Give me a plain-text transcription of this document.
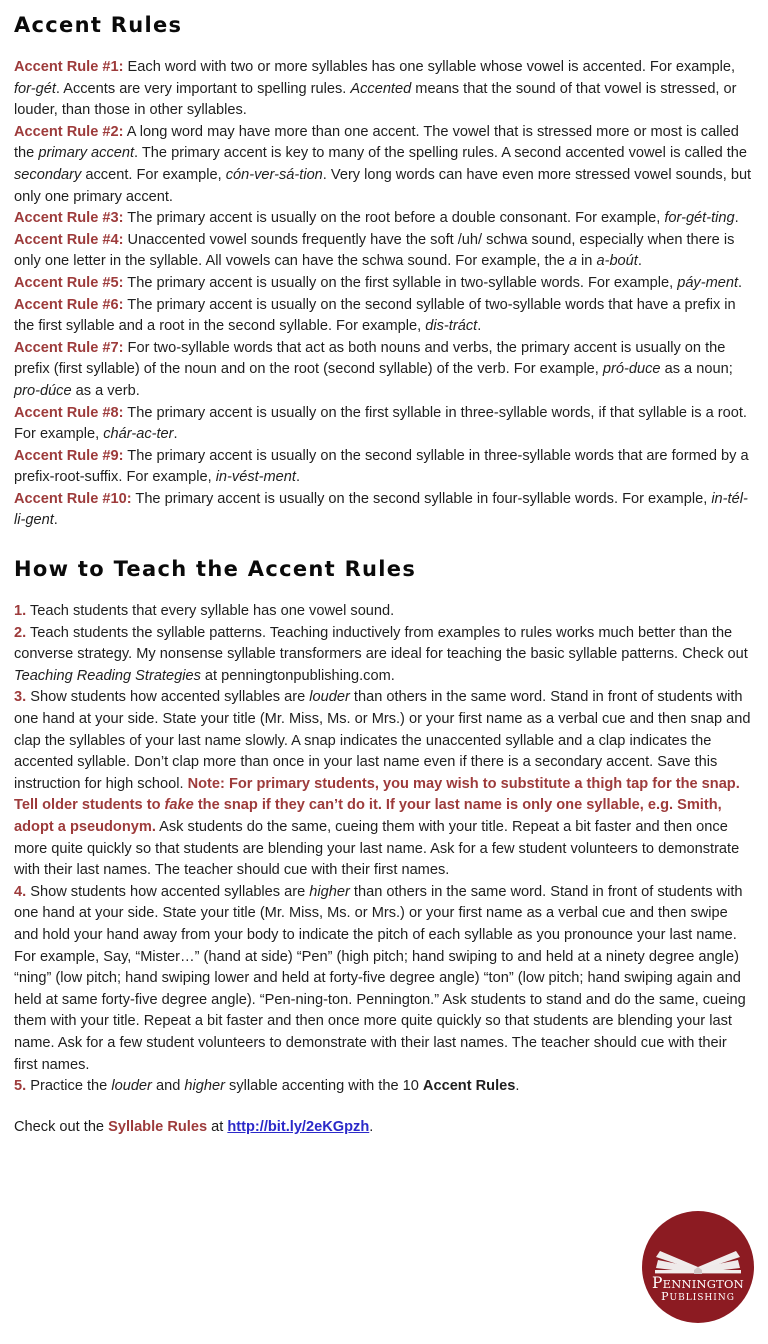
Accent Rules

Accent Rule #1: Each word with two or more syllables has one syllable whose vowel is accented. For example, for-gét. Accents are very important to spelling rules. Accented means that the sound of that vowel is stressed, or louder, than those in other syllables.

Accent Rule #2: A long word may have more than one accent. The vowel that is stressed more or most is called the primary accent. The primary accent is key to many of the spelling rules. A second accented vowel is called the secondary accent. For example, cón-ver-sá-tion. Very long words can have even more stressed vowel sounds, but only one primary accent.

Accent Rule #3: The primary accent is usually on the root before a double consonant. For example, for-gét-ting.

Accent Rule #4: Unaccented vowel sounds frequently have the soft /uh/ schwa sound, especially when there is only one letter in the syllable. All vowels can have the schwa sound. For example, the a in a-boút.

Accent Rule #5: The primary accent is usually on the first syllable in two-syllable words. For example, páy-ment.

Accent Rule #6: The primary accent is usually on the second syllable of two-syllable words that have a prefix in the first syllable and a root in the second syllable. For example, dis-tráct.

Accent Rule #7: For two-syllable words that act as both nouns and verbs, the primary accent is usually on the prefix (first syllable) of the noun and on the root (second syllable) of the verb. For example, pró-duce as a noun; pro-dúce as a verb.

Accent Rule #8: The primary accent is usually on the first syllable in three-syllable words, if that syllable is a root. For example, chár-ac-ter.

Accent Rule #9: The primary accent is usually on the second syllable in three-syllable words that are formed by a prefix-root-suffix. For example, in-vést-ment.

Accent Rule #10: The primary accent is usually on the second syllable in four-syllable words. For example, in-tél-li-gent.

How to Teach the Accent Rules

1. Teach students that every syllable has one vowel sound.

2. Teach students the syllable patterns. Teaching inductively from examples to rules works much better than the converse strategy. My nonsense syllable transformers are ideal for teaching the basic syllable patterns. Check out Teaching Reading Strategies at penningtonpublishing.com.

3. Show students how accented syllables are louder than others in the same word. Stand in front of students with one hand at your side. State your title (Mr. Miss, Ms. or Mrs.) or your first name as a verbal cue and then snap and clap the syllables of your last name slowly. A snap indicates the unaccented syllable and a clap indicates the accented syllable. Don’t clap more than once in your last name even if there is a secondary accent. Save this instruction for high school. Note: For primary students, you may wish to substitute a thigh tap for the snap. Tell older students to fake the snap if they can’t do it. If your last name is only one syllable, e.g. Smith, adopt a pseudonym. Ask students do the same, cueing them with your title. Repeat a bit faster and then once more quite quickly so that students are blending your last name. Ask for a few student volunteers to demonstrate with their last names. The teacher should cue with their first names.

4. Show students how accented syllables are higher than others in the same word. Stand in front of students with one hand at your side. State your title (Mr. Miss, Ms. or Mrs.) or your first name as a verbal cue and then swipe and hold your hand away from your body to indicate the pitch of each syllable as you pronounce your last name. For example, Say, “Mister…” (hand at side) “Pen” (high pitch; hand swiping to and held at a ninety degree angle) “ning” (low pitch; hand swiping lower and held at forty-five degree angle) “ton” (low pitch; hand swiping again and held at same forty-five degree angle). “Pen-ning-ton. Pennington.” Ask students to stand and do the same, cueing them with your title. Repeat a bit faster and then once more quite quickly so that students are blending your last name. Ask for a few student volunteers to demonstrate with their last names. The teacher should cue with their first names.

5. Practice the louder and higher syllable accenting with the 10 Accent Rules.

Check out the Syllable Rules at http://bit.ly/2eKGpzh.

PENNINGTON
PUBLISHING
